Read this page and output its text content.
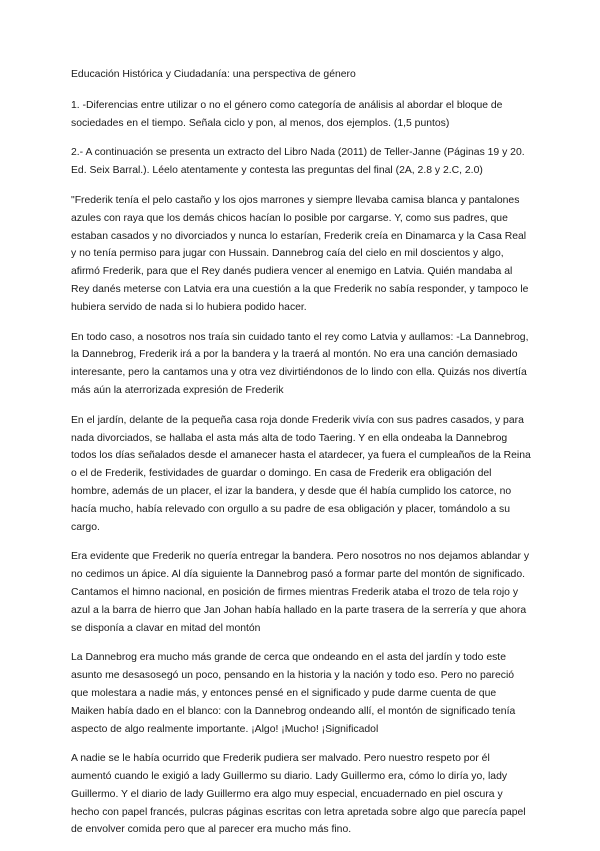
Educación Histórica y Ciudadanía: una perspectiva de género

1. -Diferencias entre utilizar o no el género como categoría de análisis al abordar el bloque de sociedades en el tiempo. Señala ciclo y pon, al menos, dos ejemplos. (1,5 puntos)

2.- A continuación se presenta un extracto del Libro Nada (2011) de Teller-Janne (Páginas 19 y 20. Ed. Seix Barral.). Léelo atentamente y contesta las preguntas del final (2A, 2.8 y 2.C, 2.0)

"Frederik tenía el pelo castaño y los ojos marrones y siempre llevaba camisa blanca y pantalones azules con raya que los demás chicos hacían lo posible por cargarse. Y, como sus padres, que estaban casados y no divorciados y nunca lo estarían, Frederik creía en Dinamarca y la Casa Real y no tenía permiso para jugar con Hussain. Dannebrog caía del cielo en mil doscientos y algo, afirmó Frederik, para que el Rey danés pudiera vencer al enemigo en Latvia. Quién mandaba al Rey danés meterse con Latvia era una cuestión a la que Frederik no sabía responder, y tampoco le hubiera servido de nada si lo hubiera podido hacer.

En todo caso, a nosotros nos traía sin cuidado tanto el rey como Latvia y aullamos: -La Dannebrog, la Dannebrog, Frederik irá a por la bandera y la traerá al montón. No era una canción demasiado interesante, pero la cantamos una y otra vez divirtiéndonos de lo lindo con ella. Quizás nos divertía más aún la aterrorizada expresión de Frederik

En el jardín, delante de la pequeña casa roja donde Frederik vivía con sus padres casados, y para nada divorciados, se hallaba el asta más alta de todo Taering. Y en ella ondeaba la Dannebrog todos los días señalados desde el amanecer hasta el atardecer, ya fuera el cumpleaños de la Reina o el de Frederik, festividades de guardar o domingo. En casa de Frederik era obligación del hombre, además de un placer, el izar la bandera, y desde que él había cumplido los catorce, no hacía mucho, había relevado con orgullo a su padre de esa obligación y placer, tomándolo a su cargo.

Era evidente que Frederik no quería entregar la bandera. Pero nosotros no nos dejamos ablandar y no cedimos un ápice. Al día siguiente la Dannebrog pasó a formar parte del montón de significado. Cantamos el himno nacional, en posición de firmes mientras Frederik ataba el trozo de tela rojo y azul a la barra de hierro que Jan Johan había hallado en la parte trasera de la serrería y que ahora se disponía a clavar en mitad del montón

La Dannebrog era mucho más grande de cerca que ondeando en el asta del jardín y todo este asunto me desasosegó un poco, pensando en la historia y la nación y todo eso. Pero no pareció que molestara a nadie más, y entonces pensé en el significado y pude darme cuenta de que Maiken había dado en el blanco: con la Dannebrog ondeando allí, el montón de significado tenía aspecto de algo realmente importante. ¡Algo! ¡Mucho! ¡Significadol

A nadie se le había ocurrido que Frederik pudiera ser malvado. Pero nuestro respeto por él aumentó cuando le exigió a lady Guillermo su diario. Lady Guillermo era, cómo lo diría yo, lady Guillermo. Y el diario de lady Guillermo era algo muy especial, encuadernado en piel oscura y hecho con papel francés, pulcras páginas escritas con letra apretada sobre algo que parecía papel de envolver comida pero que al parecer era mucho más fino.
